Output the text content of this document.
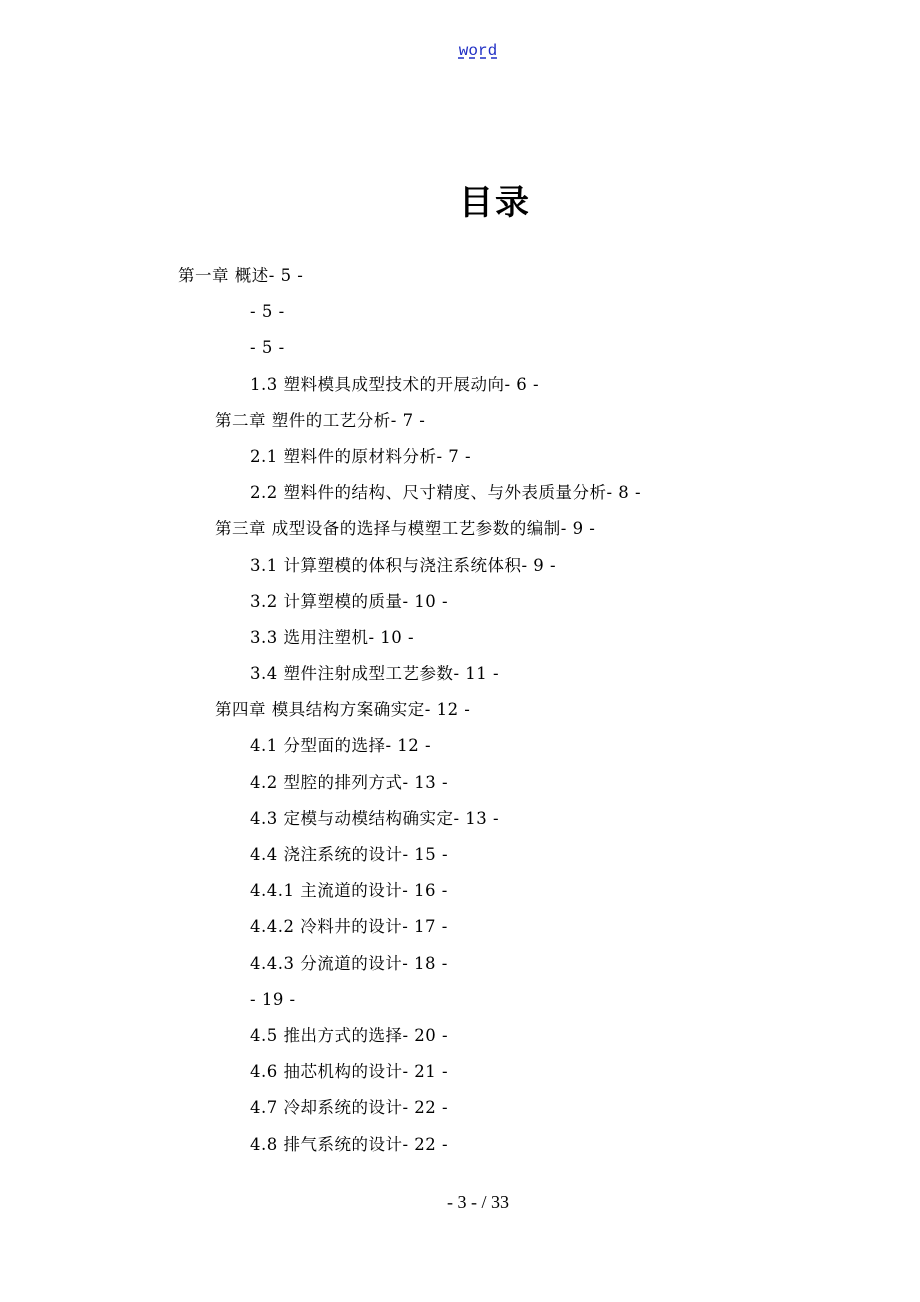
word
目录
第一章 概述- 5 -
- 5 -
- 5 -
1.3 塑料模具成型技术的开展动向- 6 -
第二章 塑件的工艺分析- 7 -
2.1 塑料件的原材料分析- 7 -
2.2 塑料件的结构、尺寸精度、与外表质量分析- 8 -
第三章 成型设备的选择与模塑工艺参数的编制- 9 -
3.1 计算塑模的体积与浇注系统体积- 9 -
3.2 计算塑模的质量- 10 -
3.3 选用注塑机- 10 -
3.4 塑件注射成型工艺参数- 11 -
第四章 模具结构方案确实定- 12 -
4.1 分型面的选择- 12 -
4.2 型腔的排列方式- 13 -
4.3 定模与动模结构确实定- 13 -
4.4 浇注系统的设计- 15 -
4.4.1 主流道的设计- 16 -
4.4.2 冷料井的设计- 17 -
4.4.3 分流道的设计- 18 -
- 19 -
4.5 推出方式的选择- 20 -
4.6 抽芯机构的设计- 21 -
4.7 冷却系统的设计- 22 -
4.8 排气系统的设计- 22 -
- 3 - / 33
